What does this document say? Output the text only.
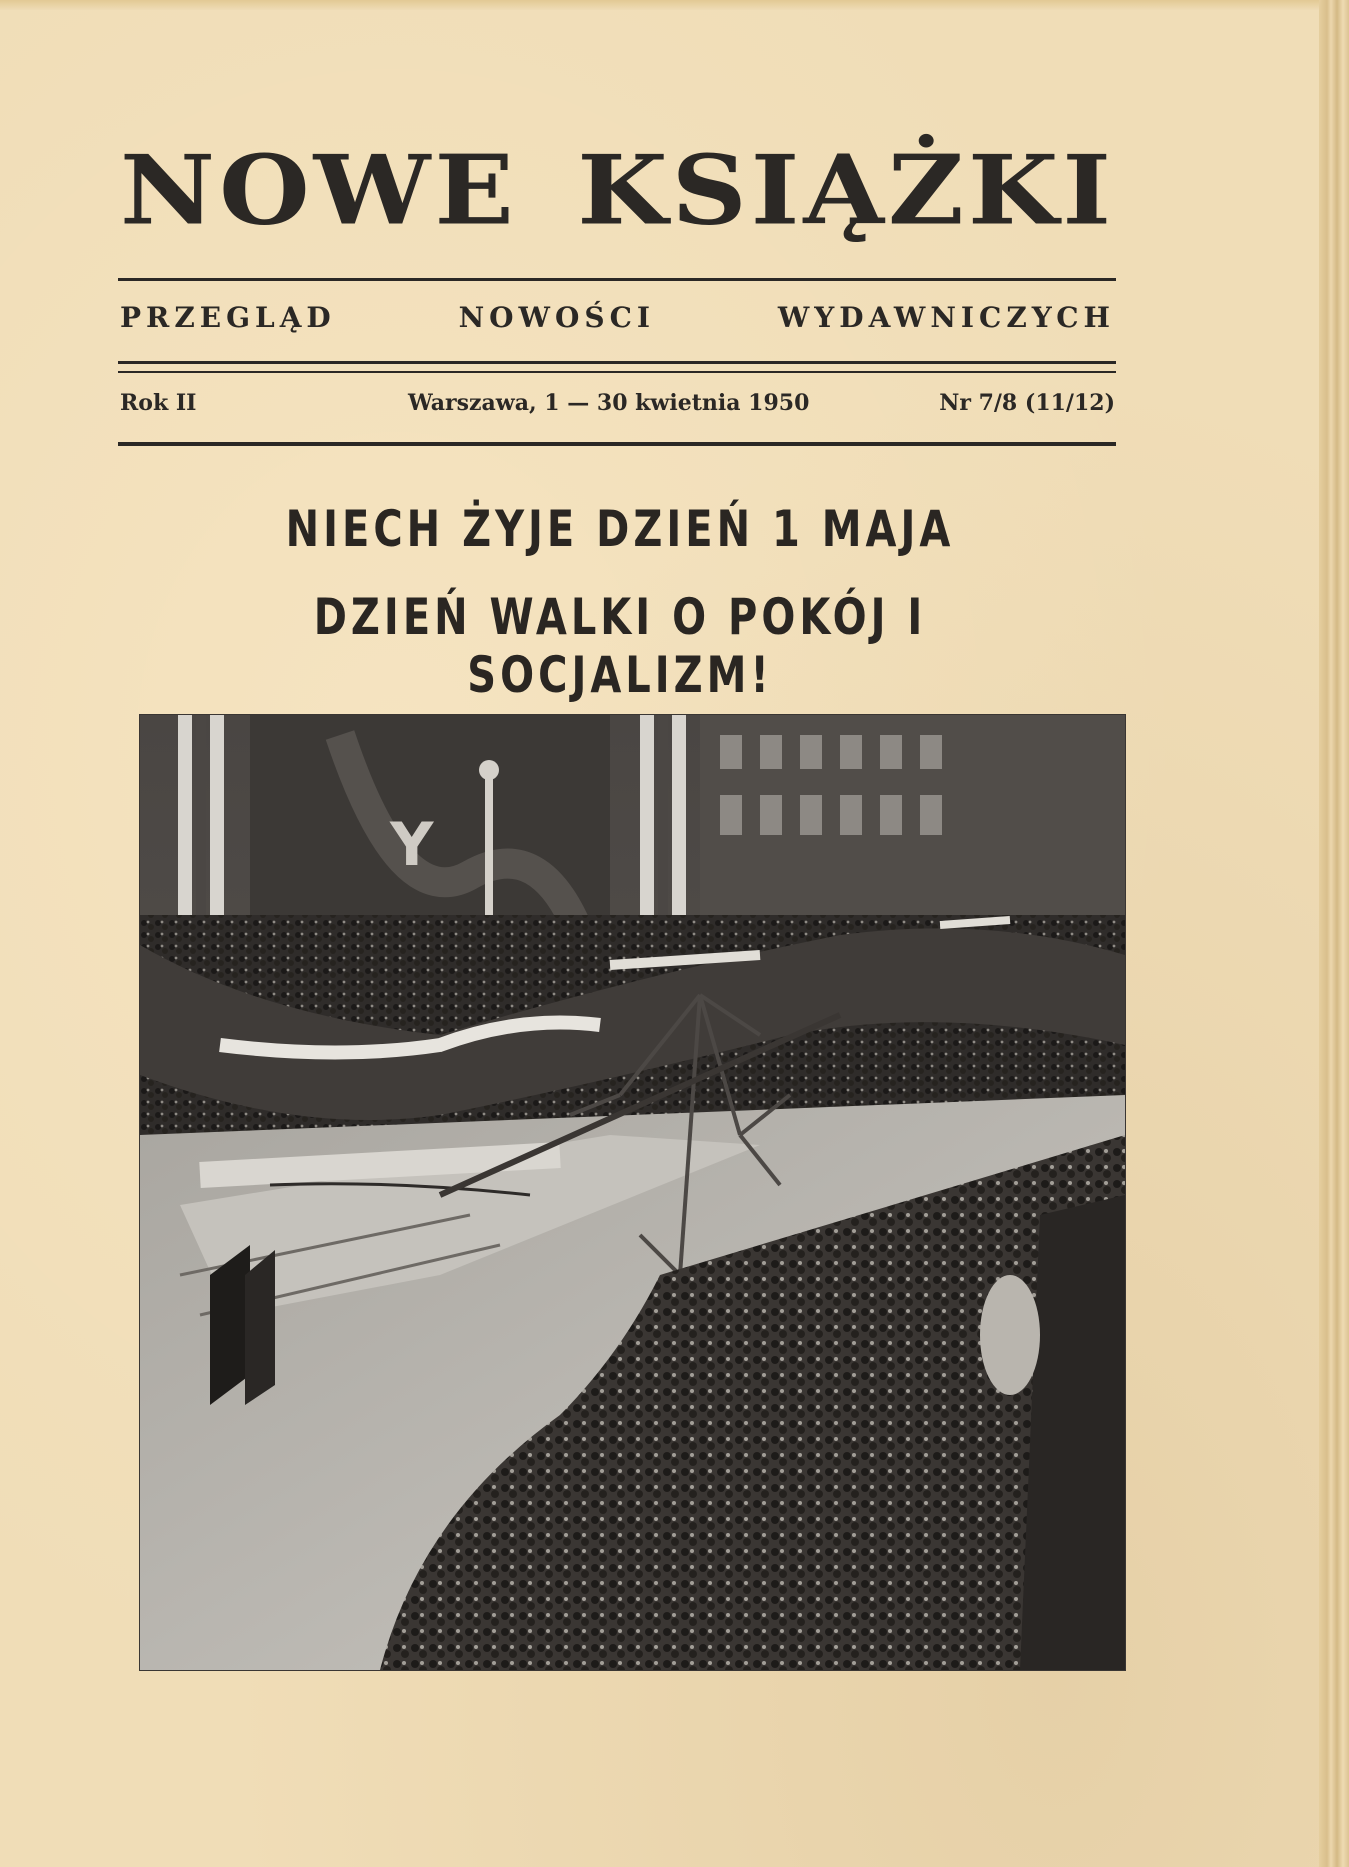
NOWE KSIĄŻKI
PRZEGLĄD NOWOŚCI WYDAWNICZYCH
Rok II	Warszawa, 1 — 30 kwietnia 1950	Nr 7/8 (11/12)
NIECH ŻYJE DZIEŃ 1 MAJA
DZIEŃ WALKI O POKÓJ I SOCJALIZM!
Y
